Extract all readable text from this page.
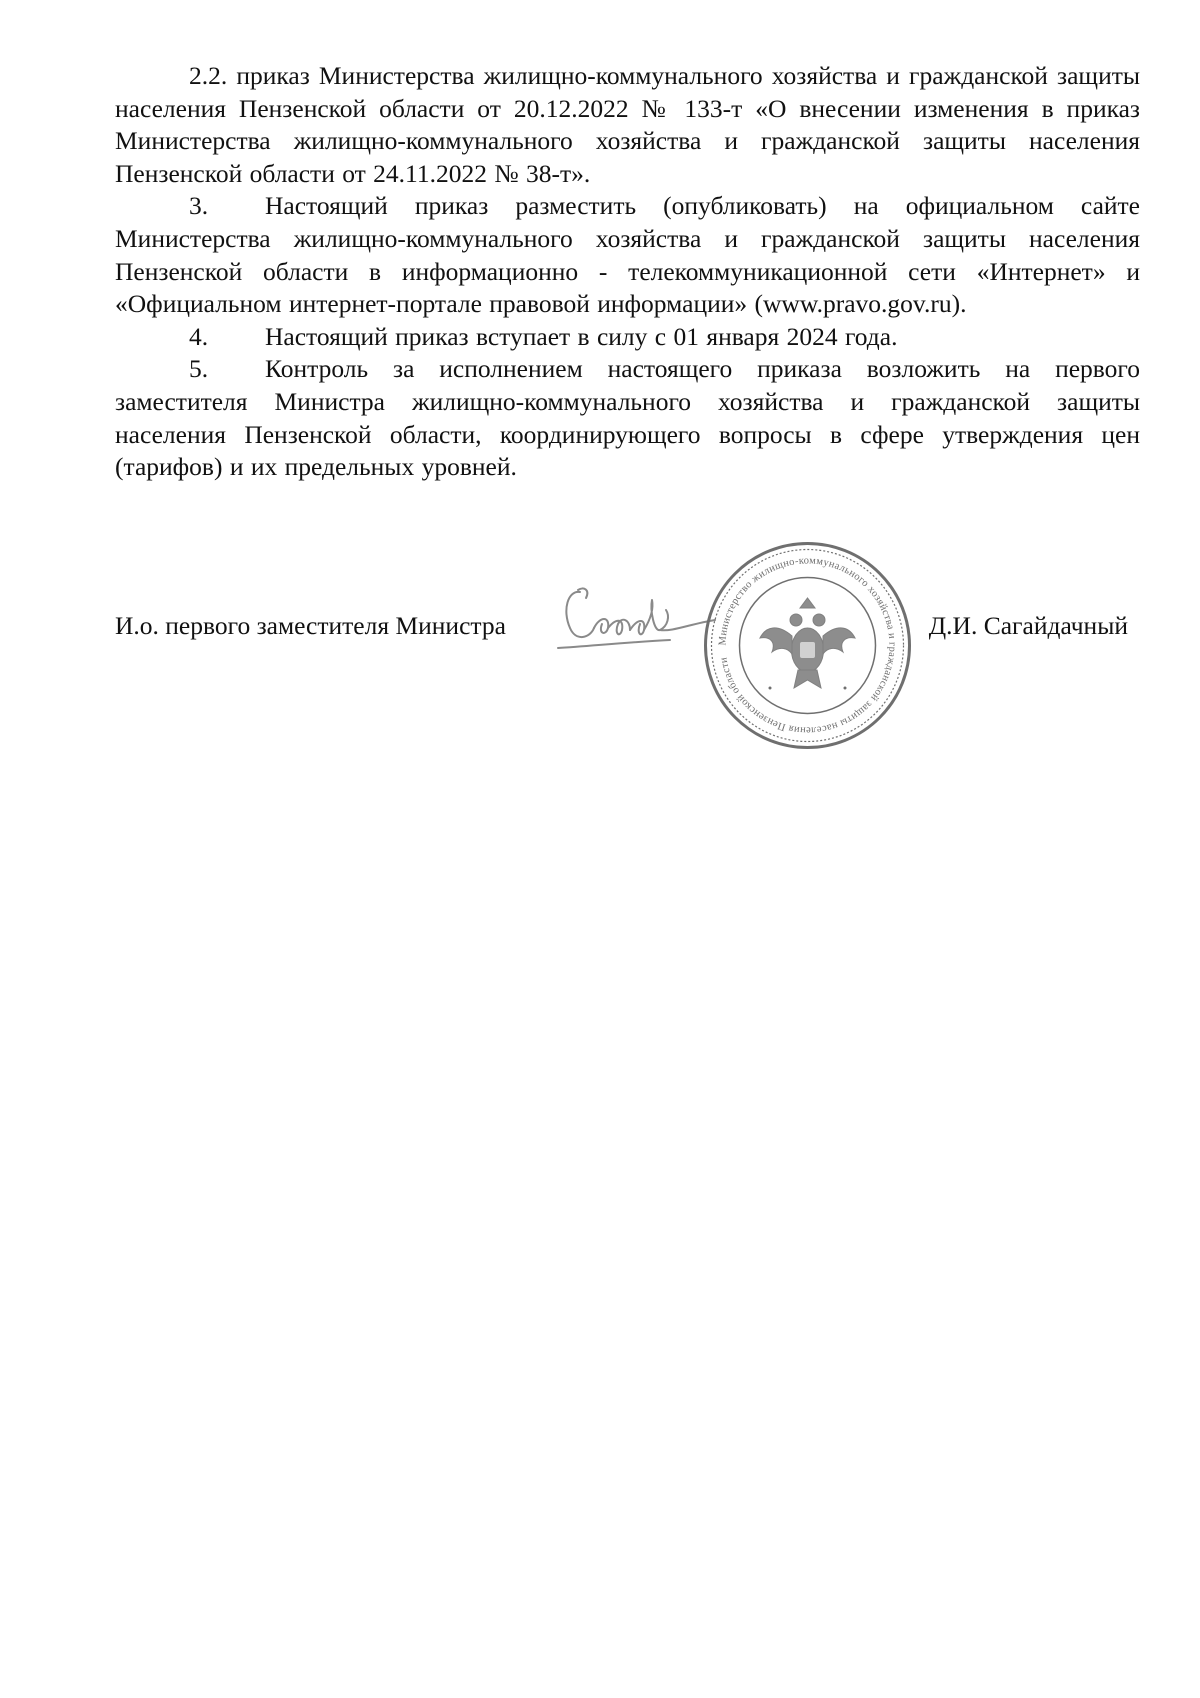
2.2. приказ Министерства жилищно-коммунального хозяйства и гражданской защиты населения Пензенской области от 20.12.2022 № 133-т «О внесении изменения в приказ Министерства жилищно-коммунального хозяйства и гражданской защиты населения Пензенской области от 24.11.2022 № 38-т».

3. Настоящий приказ разместить (опубликовать) на официальном сайте Министерства жилищно-коммунального хозяйства и гражданской защиты населения Пензенской области в информационно - телекоммуникационной сети «Интернет» и «Официальном интернет-портале правовой информации» (www.pravo.gov.ru).

4. Настоящий приказ вступает в силу с 01 января 2024 года.

5. Контроль за исполнением настоящего приказа возложить на первого заместителя Министра жилищно-коммунального хозяйства и гражданской защиты населения Пензенской области, координирующего вопросы в сфере утверждения цен (тарифов) и их предельных уровней.

И.о. первого заместителя Министра	Д.И. Сагайдачный
Министерство жилищно-коммунального хозяйства и гражданской защиты населения Пензенской области
